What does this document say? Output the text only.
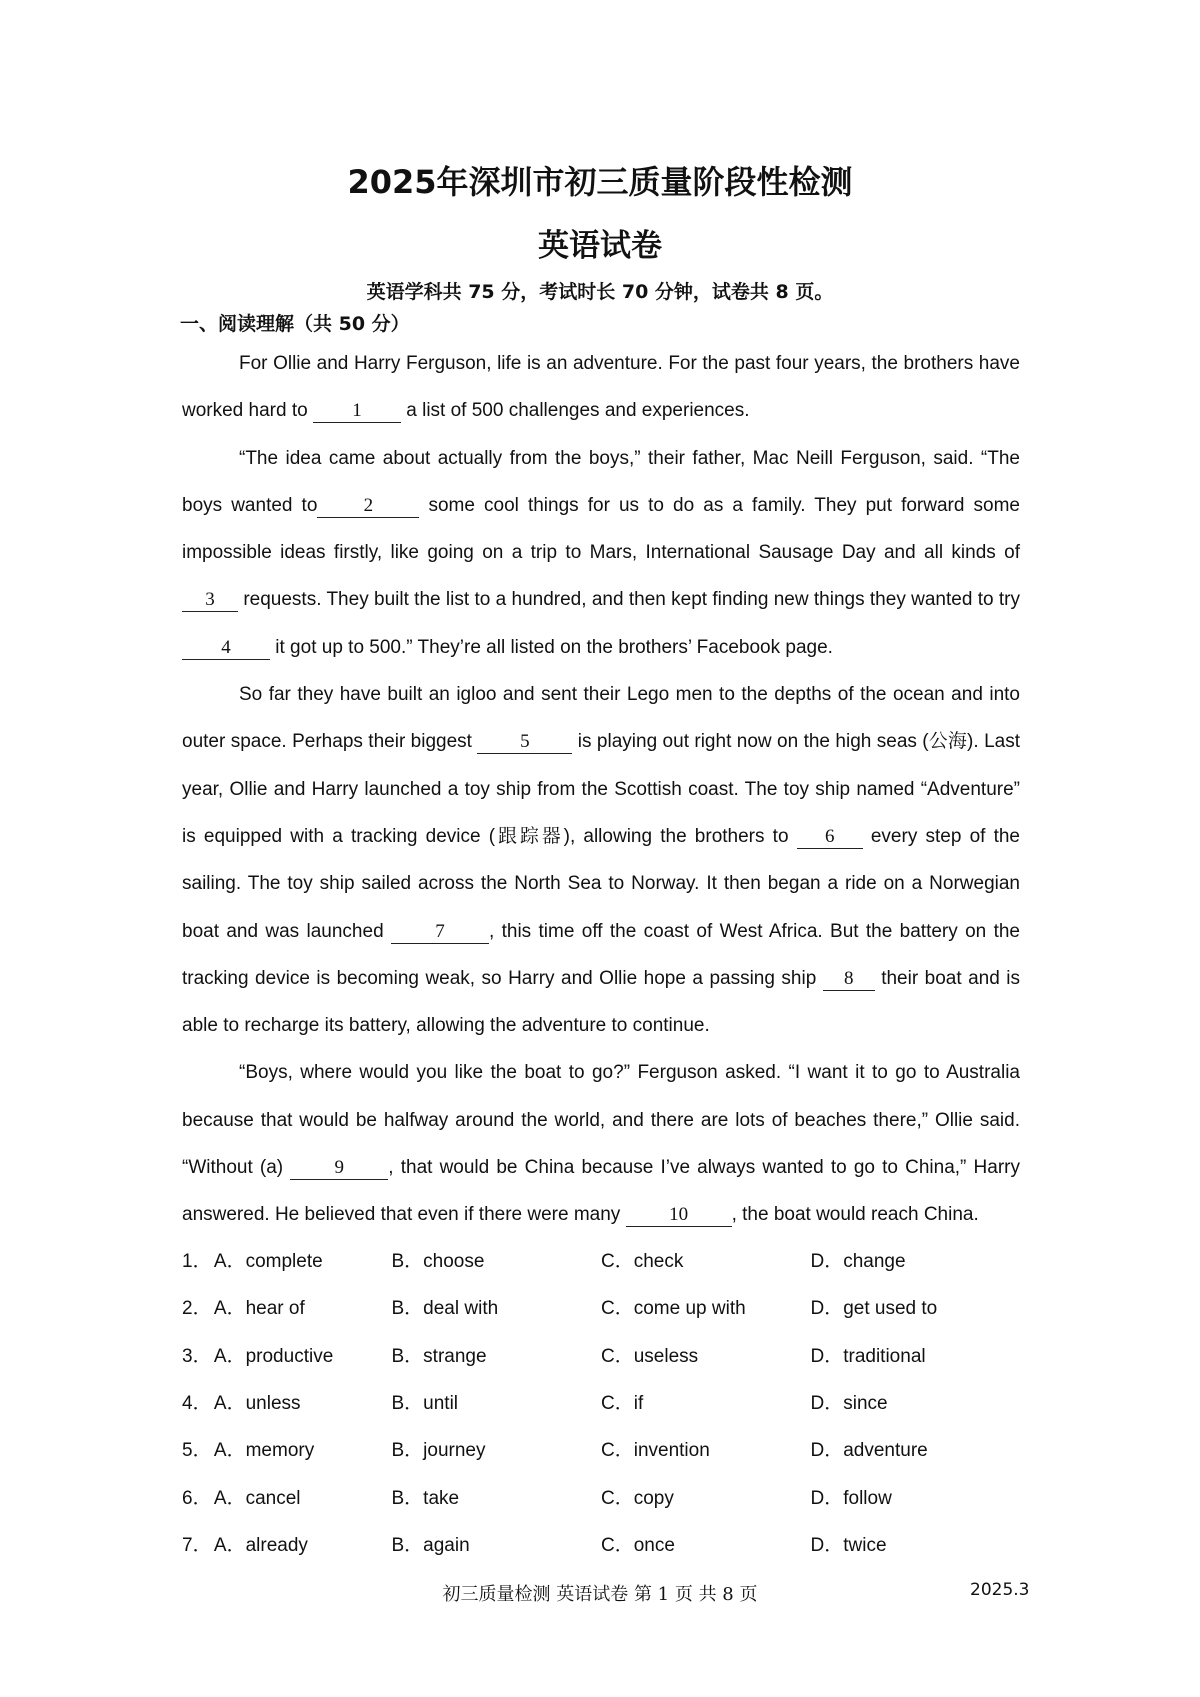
2025年深圳市初三质量阶段性检测
英语试卷
英语学科共 75 分，考试时长 70 分钟，试卷共 8 页。
一、阅读理解（共 50 分）

For Ollie and Harry Ferguson, life is an adventure. For the past four years, the brothers have worked hard to 1 a list of 500 challenges and experiences.

“The idea came about actually from the boys,” their father, Mac Neill Ferguson, said. “The boys wanted to 2 some cool things for us to do as a family. They put forward some impossible ideas firstly, like going on a trip to Mars, International Sausage Day and all kinds of 3 requests. They built the list to a hundred, and then kept finding new things they wanted to try 4 it got up to 500.” They’re all listed on the brothers’ Facebook page.

So far they have built an igloo and sent their Lego men to the depths of the ocean and into outer space. Perhaps their biggest 5 is playing out right now on the high seas (公海). Last year, Ollie and Harry launched a toy ship from the Scottish coast. The toy ship named “Adventure” is equipped with a tracking device (跟踪器), allowing the brothers to 6 every step of the sailing. The toy ship sailed across the North Sea to Norway. It then began a ride on a Norwegian boat and was launched 7 , this time off the coast of West Africa. But the battery on the tracking device is becoming weak, so Harry and Ollie hope a passing ship 8 their boat and is able to recharge its battery, allowing the adventure to continue.

“Boys, where would you like the boat to go?” Ferguson asked. “I want it to go to Australia because that would be halfway around the world, and there are lots of beaches there,” Ollie said. “Without (a) 9 , that would be China because I’ve always wanted to go to China,” Harry answered. He believed that even if there were many 10 , the boat would reach China.

1． A．complete	B．choose	C．check	D．change
2． A．hear of	B．deal with	C．come up with	D．get used to
3． A．productive	B．strange	C．useless	D．traditional
4． A．unless	B．until	C．if	D．since
5． A．memory	B．journey	C．invention	D．adventure
6． A．cancel	B．take	C．copy	D．follow
7． A．already	B．again	C．once	D．twice
初三质量检测 英语试卷 第 1 页 共 8 页	2025.3
